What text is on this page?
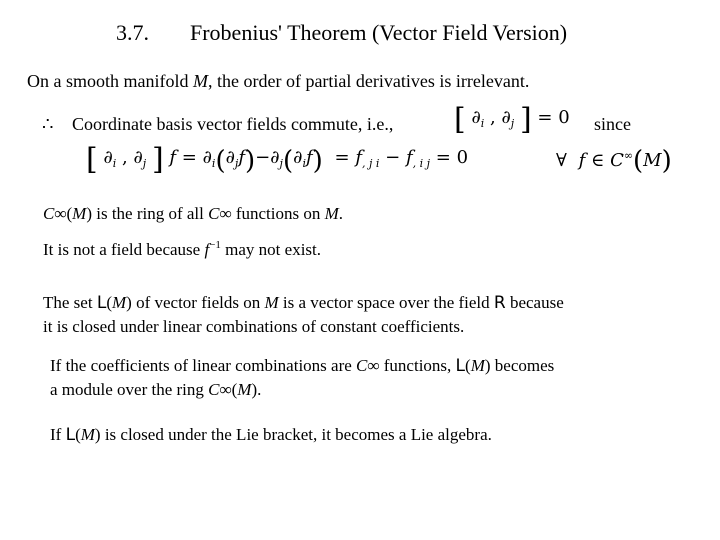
3.7. Frobenius' Theorem (Vector Field Version)
On a smooth manifold M, the order of partial derivatives is irrelevant.
∴ Coordinate basis vector fields commute, i.e., [ $\partial_i$ , $\partial_j$ ] = 0 since
[ $\partial_i$ , $\partial_j$ ] $f = \partial_i(\partial_jf)-\partial_j(\partial_if) = f_{, j i} - f_{, i j} = 0$	∀ f ∈ C∞(M)
C∞(M) is the ring of all C∞ functions on M.
It is not a field because $f^{-1}$ may not exist.
The set L(M) of vector fields on M is a vector space over the field R because
it is closed under linear combinations of constant coefficients.
If the coefficients of linear combinations are C∞ functions, L(M) becomes
a module over the ring C∞(M).
If L(M) is closed under the Lie bracket, it becomes a Lie algebra.
